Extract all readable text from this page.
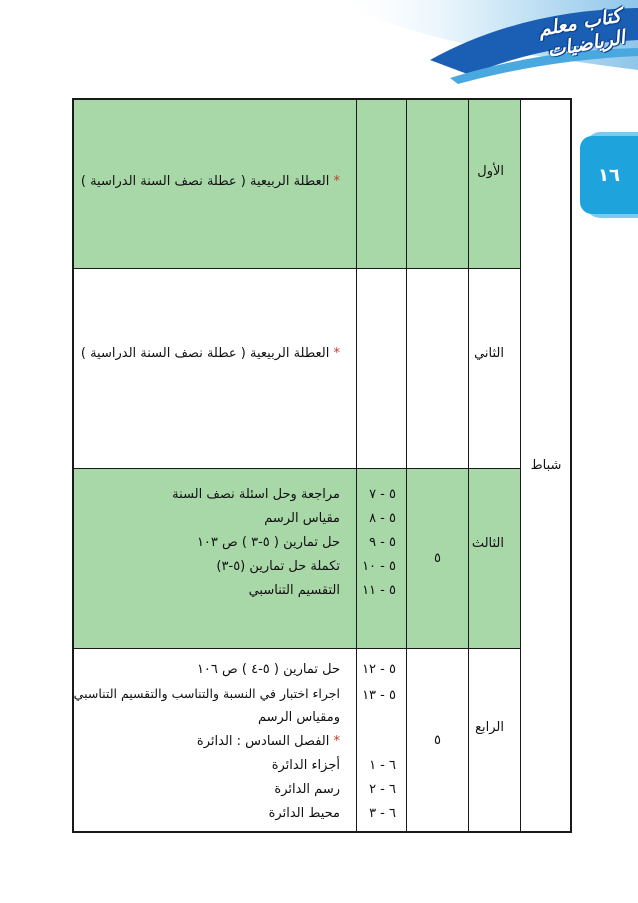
كتاب معلم الرياضيات
١٦
شباط
الأول
* العطلة الربيعية ( عطلة نصف السنة الدراسية )
الثاني
* العطلة الربيعية ( عطلة نصف السنة الدراسية )
الثالث
٥
٥ - ٧
٥ - ٨
٥ - ٩
٥ - ١٠
٥ - ١١
مراجعة وحل اسئلة نصف السنة
مقياس الرسم
حل تمارين ( ٥-٣ ) ص ١٠٣
تكملة حل تمارين (٥-٣)
التقسيم التناسبي
الرابع
٥
٥ - ١٢
٥ - ١٣
٦ - ١
٦ - ٢
٦ - ٣
حل تمارين ( ٥-٤ ) ص ١٠٦
اجراء اختبار في النسبة والتناسب والتقسيم التناسبي
ومقياس الرسم
* الفصل السادس : الدائرة
أجزاء الدائرة
رسم الدائرة
محيط الدائرة
